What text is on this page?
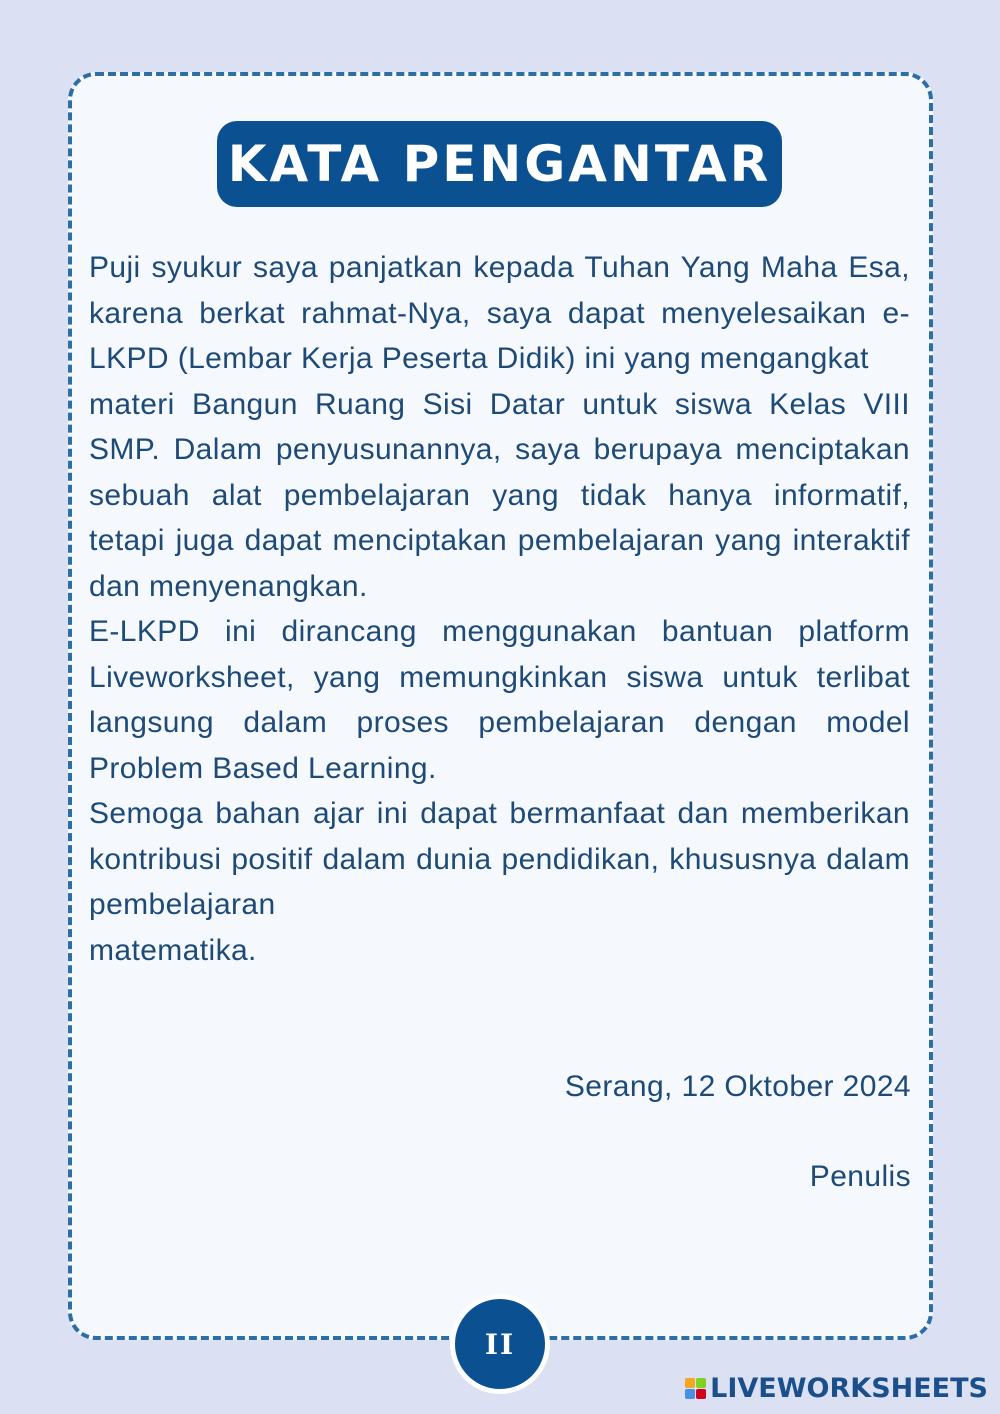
KATA PENGANTAR

Puji syukur saya panjatkan kepada Tuhan Yang Maha Esa, karena berkat rahmat-Nya, saya dapat menyelesaikan e-LKPD (Lembar Kerja Peserta Didik) ini yang mengangkat
materi Bangun Ruang Sisi Datar untuk siswa Kelas VIII SMP. Dalam penyusunannya, saya berupaya menciptakan sebuah alat pembelajaran yang tidak hanya informatif, tetapi juga dapat menciptakan pembelajaran yang interaktif dan menyenangkan.

E-LKPD ini dirancang menggunakan bantuan platform Liveworksheet, yang memungkinkan siswa untuk terlibat langsung dalam proses pembelajaran dengan model Problem Based Learning.

Semoga bahan ajar ini dapat bermanfaat dan memberikan kontribusi positif dalam dunia pendidikan, khususnya dalam pembelajaran
matematika.

Serang, 12 Oktober 2024
Penulis
II
LIVEWORKSHEETS
